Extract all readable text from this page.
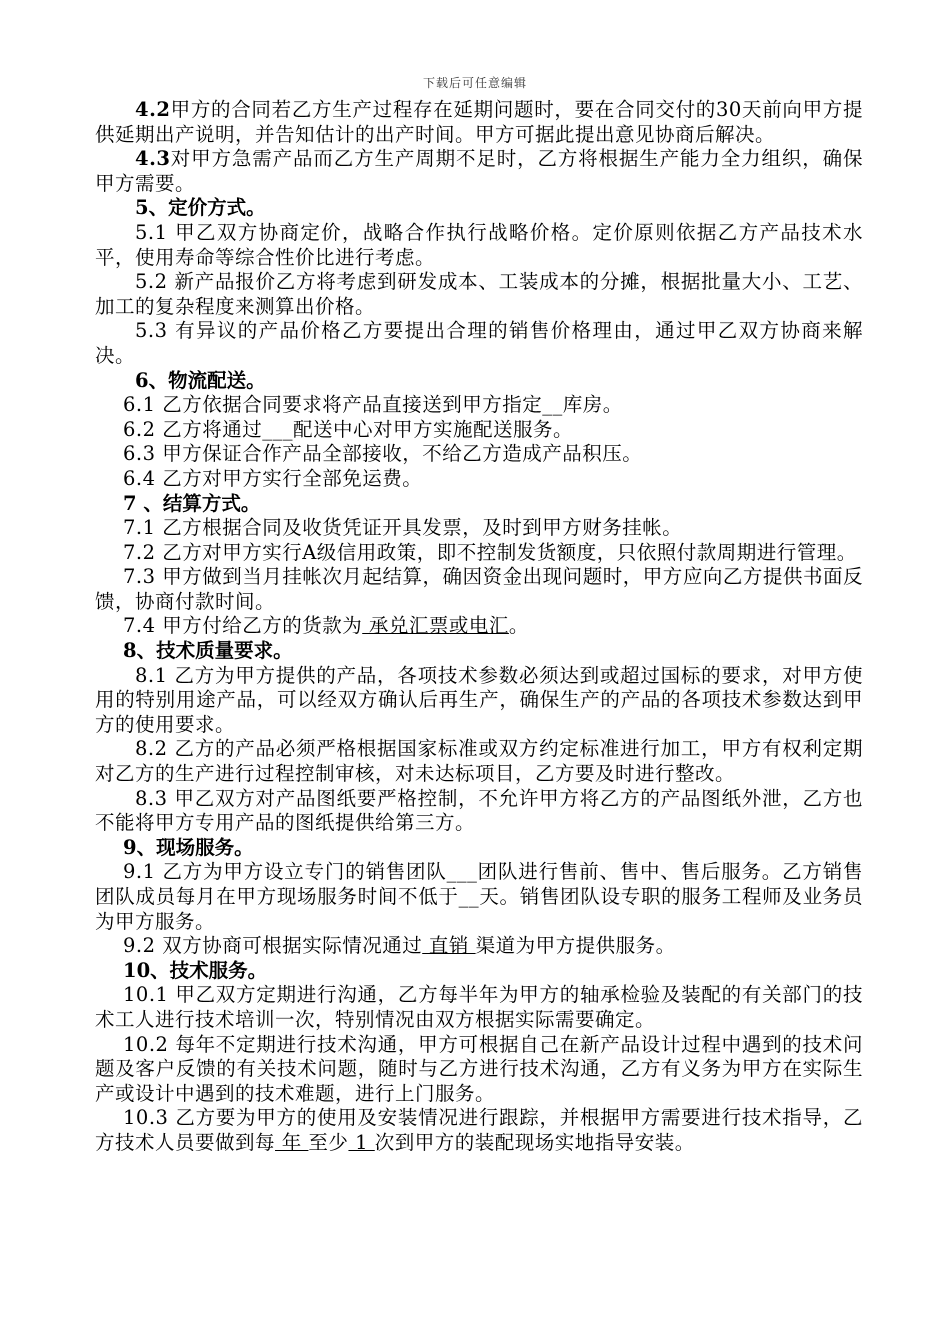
下载后可任意编辑

4.2甲方的合同若乙方生产过程存在延期问题时，要在合同交付的30天前向甲方提供延期出产说明，并告知估计的出产时间。甲方可据此提出意见协商后解决。

4.3对甲方急需产品而乙方生产周期不足时，乙方将根据生产能力全力组织，确保甲方需要。

5、定价方式。

5.1 甲乙双方协商定价，战略合作执行战略价格。定价原则依据乙方产品技术水平，使用寿命等综合性价比进行考虑。

5.2 新产品报价乙方将考虑到研发成本、工装成本的分摊，根据批量大小、工艺、加工的复杂程度来测算出价格。

5.3 有异议的产品价格乙方要提出合理的销售价格理由，通过甲乙双方协商来解决。

6、物流配送。

6.1 乙方依据合同要求将产品直接送到甲方指定__库房。

6.2 乙方将通过___配送中心对甲方实施配送服务。

6.3 甲方保证合作产品全部接收，不给乙方造成产品积压。

6.4 乙方对甲方实行全部免运费。

7 、结算方式。

7.1 乙方根据合同及收货凭证开具发票，及时到甲方财务挂帐。

7.2 乙方对甲方实行A级信用政策，即不控制发货额度，只依照付款周期进行管理。

7.3 甲方做到当月挂帐次月起结算，确因资金出现问题时，甲方应向乙方提供书面反馈，协商付款时间。

7.4 甲方付给乙方的货款为 承兑汇票或电汇。

8、技术质量要求。

8.1 乙方为甲方提供的产品，各项技术参数必须达到或超过国标的要求，对甲方使用的特别用途产品，可以经双方确认后再生产，确保生产的产品的各项技术参数达到甲方的使用要求。

8.2 乙方的产品必须严格根据国家标准或双方约定标准进行加工，甲方有权利定期对乙方的生产进行过程控制审核，对未达标项目，乙方要及时进行整改。

8.3 甲乙双方对产品图纸要严格控制，不允许甲方将乙方的产品图纸外泄，乙方也不能将甲方专用产品的图纸提供给第三方。

9、现场服务。

9.1 乙方为甲方设立专门的销售团队___团队进行售前、售中、售后服务。乙方销售团队成员每月在甲方现场服务时间不低于__天。销售团队设专职的服务工程师及业务员为甲方服务。

9.2 双方协商可根据实际情况通过 直销 渠道为甲方提供服务。

10、技术服务。

10.1 甲乙双方定期进行沟通，乙方每半年为甲方的轴承检验及装配的有关部门的技术工人进行技术培训一次，特别情况由双方根据实际需要确定。

10.2 每年不定期进行技术沟通，甲方可根据自己在新产品设计过程中遇到的技术问题及客户反馈的有关技术问题，随时与乙方进行技术沟通，乙方有义务为甲方在实际生产或设计中遇到的技术难题，进行上门服务。

10.3 乙方要为甲方的使用及安装情况进行跟踪，并根据甲方需要进行技术指导，乙方技术人员要做到每 年 至少 1 次到甲方的装配现场实地指导安装。
